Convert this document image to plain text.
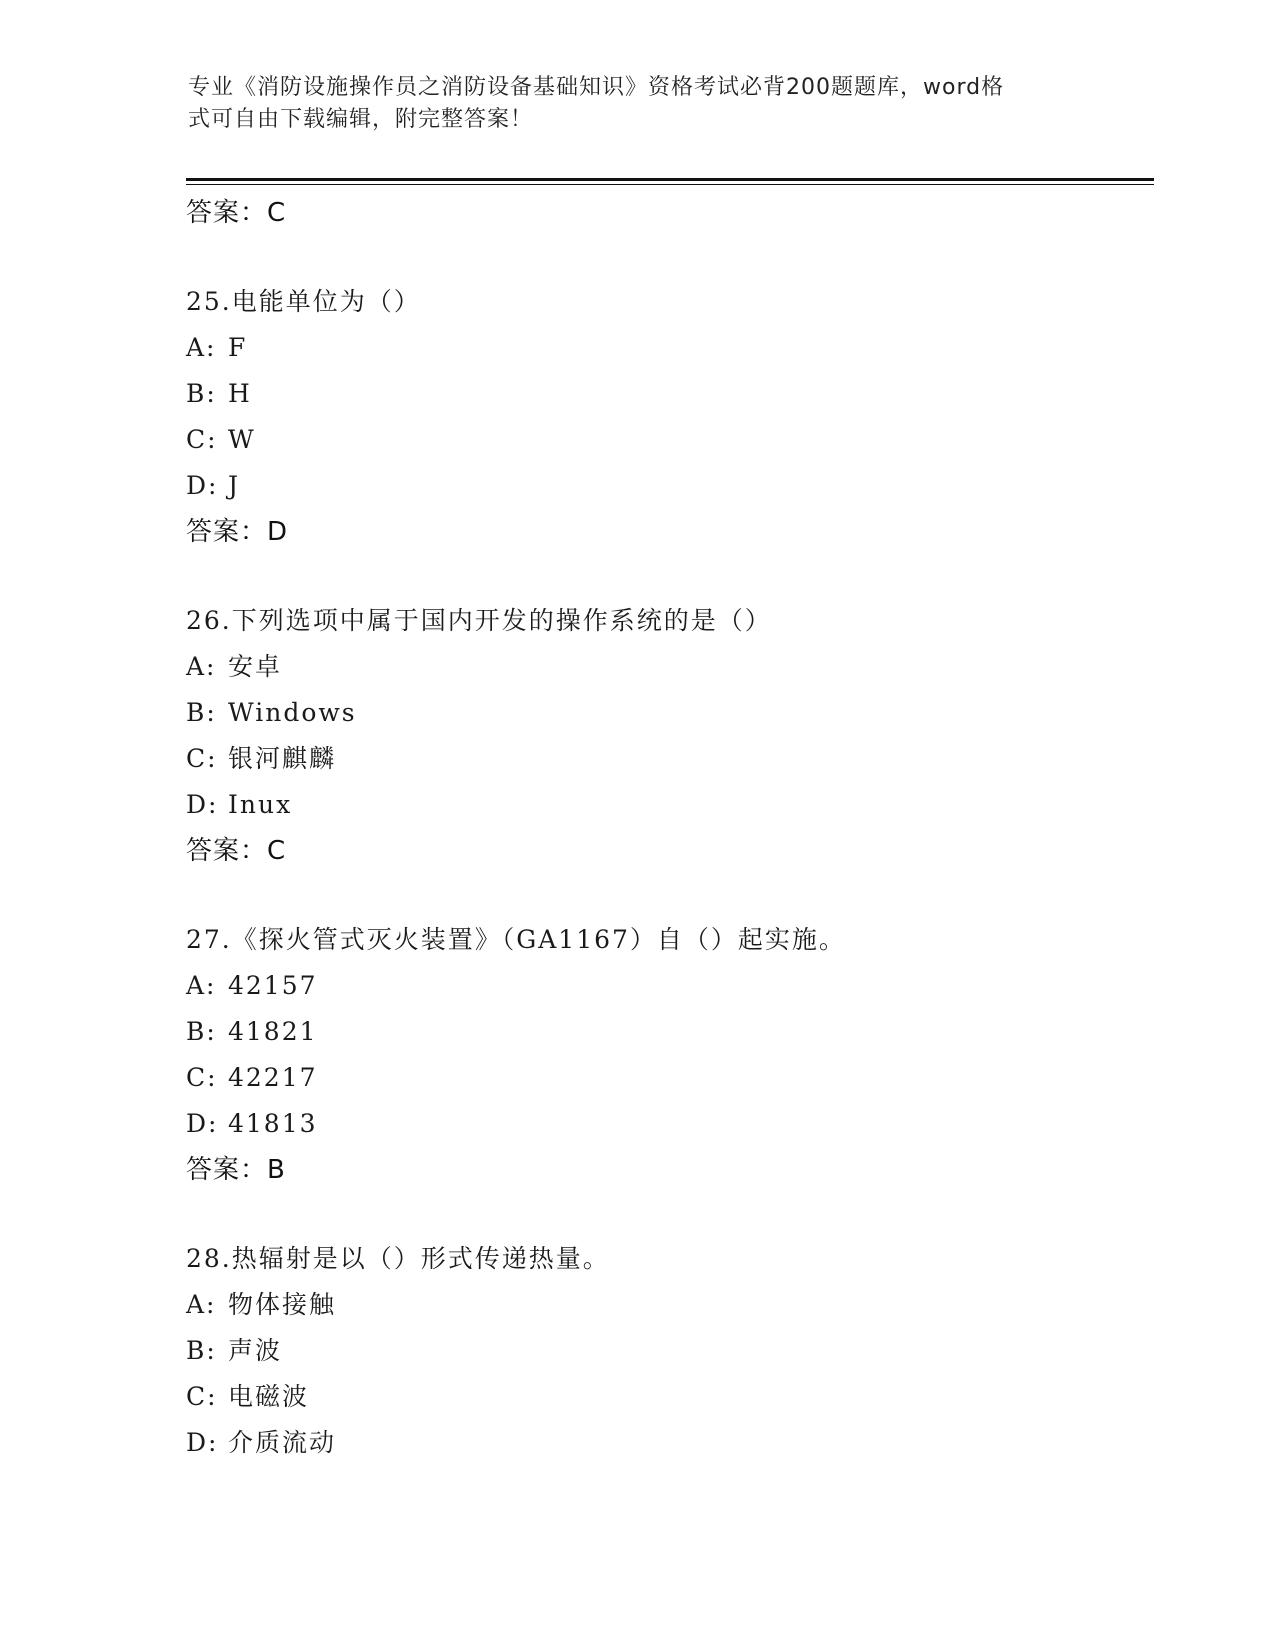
专业《消防设施操作员之消防设备基础知识》资格考试必背200题题库，word格
式可自由下载编辑，附完整答案！
答案：C
25.电能单位为（）
A: F
B: H
C: W
D: J
答案：D
26.下列选项中属于国内开发的操作系统的是（）
A: 安卓
B: Windows
C: 银河麒麟
D: Inux
答案：C
27.《探火管式灭火装置》（GA1167）自（）起实施。
A: 42157
B: 41821
C: 42217
D: 41813
答案：B
28.热辐射是以（）形式传递热量。
A: 物体接触
B: 声波
C: 电磁波
D: 介质流动
